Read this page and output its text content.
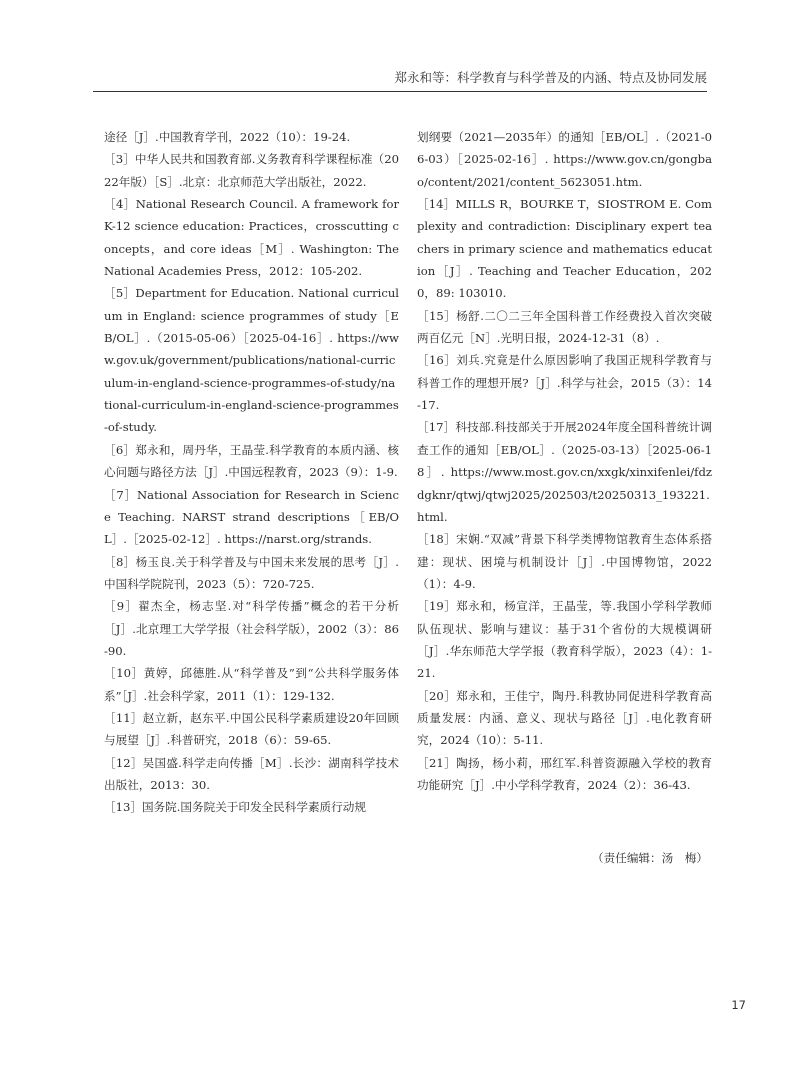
郑永和等：科学教育与科学普及的内涵、特点及协同发展

途径［J］.中国教育学刊，2022（10）：19-24.

［3］中华人民共和国教育部.义务教育科学课程标准（2022年版）［S］.北京：北京师范大学出版社，2022.

［4］National Research Council. A framework for K-12 science education: Practices，crosscutting concepts，and core ideas［M］. Washington: The National Academies Press，2012：105-202.

［5］Department for Education. National curriculum in England: science programmes of study［EB/OL］.（2015-05-06）［2025-04-16］. https://www.gov.uk/government/publications/national-curriculum-in-england-science-programmes-of-study/national-curriculum-in-england-science-programmes-of-study.

［6］郑永和，周丹华，王晶莹.科学教育的本质内涵、核心问题与路径方法［J］.中国远程教育，2023（9）：1-9.

［7］National Association for Research in Science Teaching. NARST strand descriptions［EB/OL］.［2025-02-12］. https://narst.org/strands.

［8］杨玉良.关于科学普及与中国未来发展的思考［J］.中国科学院院刊，2023（5）：720-725.

［9］翟杰全，杨志坚.对“科学传播”概念的若干分析［J］.北京理工大学学报（社会科学版），2002（3）：86-90.

［10］黄婷，邱德胜.从“科学普及”到“公共科学服务体系”［J］.社会科学家，2011（1）：129-132.

［11］赵立新，赵东平.中国公民科学素质建设20年回顾与展望［J］.科普研究，2018（6）：59-65.

［12］吴国盛.科学走向传播［M］.长沙：湖南科学技术出版社，2013：30.

［13］国务院.国务院关于印发全民科学素质行动规

划纲要（2021—2035年）的通知［EB/OL］.（2021-06-03）［2025-02-16］. https://www.gov.cn/gongbao/content/2021/content_5623051.htm.

［14］MILLS R，BOURKE T，SIOSTROM E. Complexity and contradiction: Disciplinary expert teachers in primary science and mathematics education［J］. Teaching and Teacher Education，2020，89: 103010.

［15］杨舒.二〇二三年全国科普工作经费投入首次突破两百亿元［N］.光明日报，2024-12-31（8）.

［16］刘兵.究竟是什么原因影响了我国正规科学教育与科普工作的理想开展?［J］.科学与社会，2015（3）：14-17.

［17］科技部.科技部关于开展2024年度全国科普统计调查工作的通知［EB/OL］.（2025-03-13）［2025-06-18］. https://www.most.gov.cn/xxgk/xinxifenlei/fdzdgknr/qtwj/qtwj2025/202503/t20250313_193221.html.

［18］宋娴.“双减”背景下科学类博物馆教育生态体系搭建：现状、困境与机制设计［J］.中国博物馆，2022（1）：4-9.

［19］郑永和，杨宣洋，王晶莹，等.我国小学科学教师队伍现状、影响与建议：基于31个省份的大规模调研［J］.华东师范大学学报（教育科学版），2023（4）：1-21.

［20］郑永和，王佳宁，陶丹.科教协同促进科学教育高质量发展：内涵、意义、现状与路径［J］.电化教育研究，2024（10）：5-11.

［21］陶扬，杨小莉，邢红军.科普资源融入学校的教育功能研究［J］.中小学科学教育，2024（2）：36-43.

（责任编辑：汤　梅）
17
